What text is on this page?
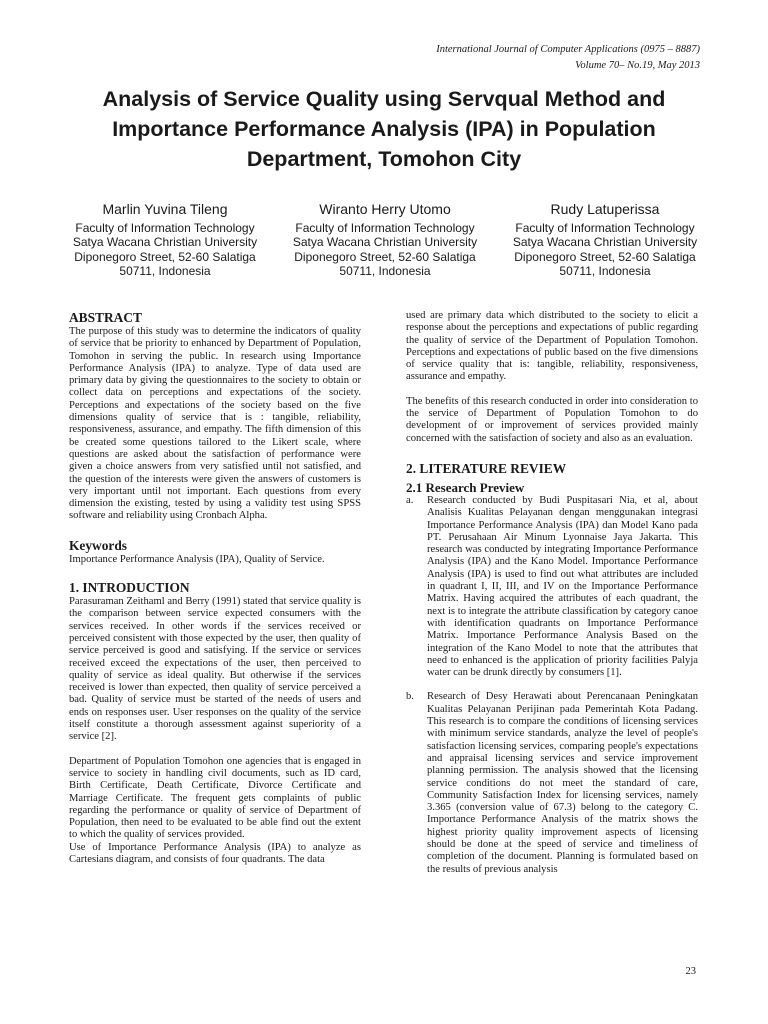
International Journal of Computer Applications (0975 – 8887)
Volume 70– No.19, May 2013
Analysis of Service Quality using Servqual Method and Importance Performance Analysis (IPA) in Population Department, Tomohon City
Marlin Yuvina Tileng
Faculty of Information Technology
Satya Wacana Christian University
Diponegoro Street, 52-60 Salatiga
50711, Indonesia
Wiranto Herry Utomo
Faculty of Information Technology
Satya Wacana Christian University
Diponegoro Street, 52-60 Salatiga
50711, Indonesia
Rudy Latuperissa
Faculty of Information Technology
Satya Wacana Christian University
Diponegoro Street, 52-60 Salatiga
50711, Indonesia
ABSTRACT

The purpose of this study was to determine the indicators of quality of service that be priority to enhanced by Department of Population, Tomohon in serving the public. In research using Importance Performance Analysis (IPA) to analyze. Type of data used are primary data by giving the questionnaires to the society to obtain or collect data on perceptions and expectations of the society. Perceptions and expectations of the society based on the five dimensions quality of service that is : tangible, reliability, responsiveness, assurance, and empathy. The fifth dimension of this be created some questions tailored to the Likert scale, where questions are asked about the satisfaction of performance were given a choice answers from very satisfied until not satisfied, and the question of the interests were given the answers of customers is very important until not important. Each questions from every dimension the existing, tested by using a validity test using SPSS software and reliability using Cronbach Alpha.

Keywords

Importance Performance Analysis (IPA), Quality of Service.

1. INTRODUCTION

Parasuraman Zeithaml and Berry (1991) stated that service quality is the comparison between service expected consumers with the services received. In other words if the services received or perceived consistent with those expected by the user, then quality of service perceived is good and satisfying. If the service or services received exceed the expectations of the user, then perceived to quality of service as ideal quality. But otherwise if the services received is lower than expected, then quality of service perceived a bad. Quality of service must be started of the needs of users and ends on responses user. User responses on the quality of the service itself constitute a thorough assessment against superiority of a service [2].

Department of Population Tomohon one agencies that is engaged in service to society in handling civil documents, such as ID card, Birth Certificate, Death Certificate, Divorce Certificate and Marriage Certificate. The frequent gets complaints of public regarding the performance or quality of service of Department of Population, then need to be evaluated to be able find out the extent to which the quality of services provided.

Use of Importance Performance Analysis (IPA) to analyze as Cartesians diagram, and consists of four quadrants. The data

used are primary data which distributed to the society to elicit a response about the perceptions and expectations of public regarding the quality of service of the Department of Population Tomohon. Perceptions and expectations of public based on the five dimensions of service quality that is: tangible, reliability, responsiveness, assurance and empathy.

The benefits of this research conducted in order into consideration to the service of Department of Population Tomohon to do development of or improvement of services provided mainly concerned with the satisfaction of society and also as an evaluation.

2. LITERATURE REVIEW
2.1 Research Preview
a. Research conducted by Budi Puspitasari Nia, et al, about Analisis Kualitas Pelayanan dengan menggunakan integrasi Importance Performance Analysis (IPA) dan Model Kano pada PT. Perusahaan Air Minum Lyonnaise Jaya Jakarta. This research was conducted by integrating Importance Performance Analysis (IPA) and the Kano Model. Importance Performance Analysis (IPA) is used to find out what attributes are included in quadrant I, II, III, and IV on the Importance Performance Matrix. Having acquired the attributes of each quadrant, the next is to integrate the attribute classification by category canoe with identification quadrants on Importance Performance Matrix. Importance Performance Analysis Based on the integration of the Kano Model to note that the attributes that need to enhanced is the application of priority facilities Palyja water can be drunk directly by consumers [1].

b. Research of Desy Herawati about Perencanaan Peningkatan Kualitas Pelayanan Perijinan pada Pemerintah Kota Padang. This research is to compare the conditions of licensing services with minimum service standards, analyze the level of people's satisfaction licensing services, comparing people's expectations and appraisal licensing services and service improvement planning permission. The analysis showed that the licensing service conditions do not meet the standard of care, Community Satisfaction Index for licensing services, namely 3.365 (conversion value of 67.3) belong to the category C. Importance Performance Analysis of the matrix shows the highest priority quality improvement aspects of licensing should be done at the speed of service and timeliness of completion of the document. Planning is formulated based on the results of previous analysis

23
